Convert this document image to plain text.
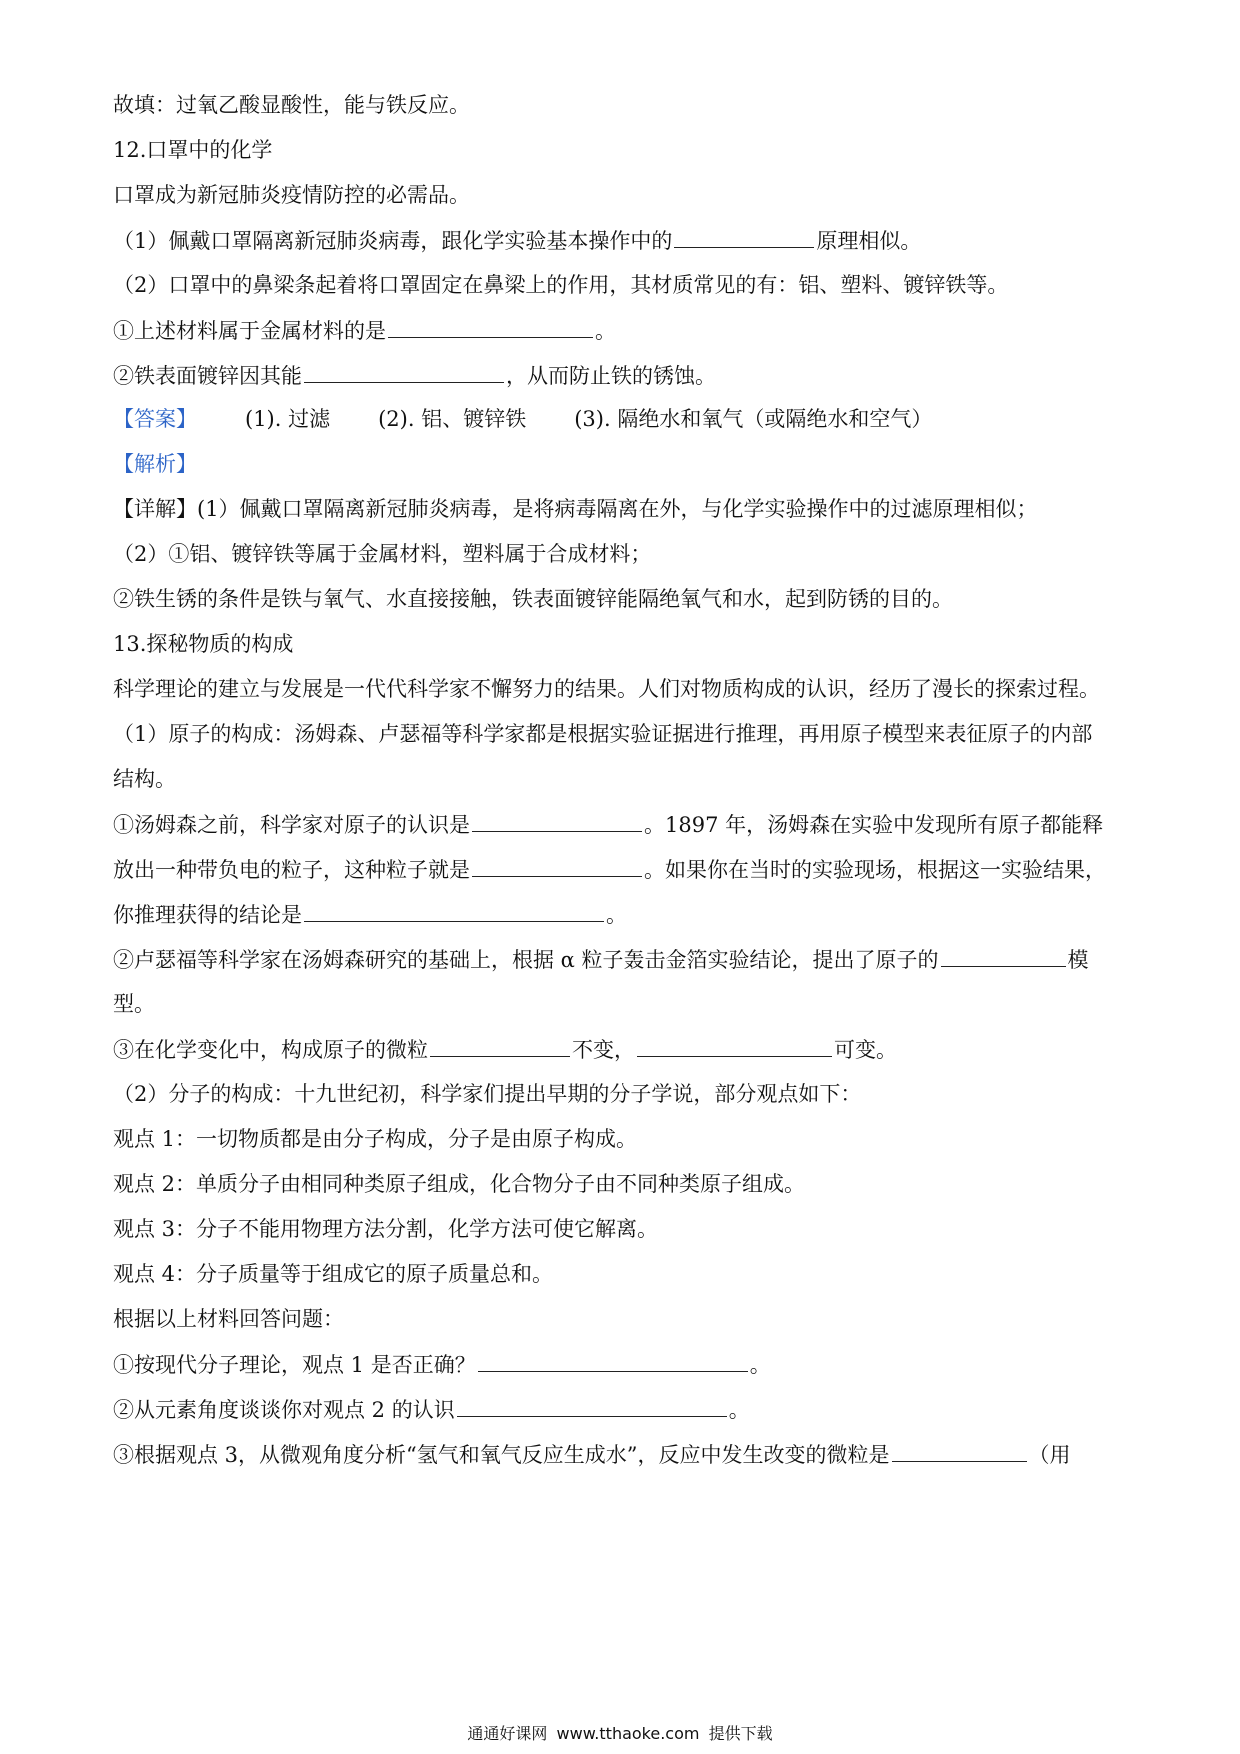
故填：过氧乙酸显酸性，能与铁反应。
12.口罩中的化学
口罩成为新冠肺炎疫情防控的必需品。
（1）佩戴口罩隔离新冠肺炎病毒，跟化学实验基本操作中的	原理相似。
（2）口罩中的鼻梁条起着将口罩固定在鼻梁上的作用，其材质常见的有：铝、塑料、镀锌铁等。
①上述材料属于金属材料的是	。
②铁表面镀锌因其能	，从而防止铁的锈蚀。
【答案】 (1). 过滤 (2). 铝、镀锌铁 (3). 隔绝水和氧气（或隔绝水和空气）
【解析】
【详解】(1）佩戴口罩隔离新冠肺炎病毒，是将病毒隔离在外，与化学实验操作中的过滤原理相似；
（2）①铝、镀锌铁等属于金属材料，塑料属于合成材料；
②铁生锈的条件是铁与氧气、水直接接触，铁表面镀锌能隔绝氧气和水，起到防锈的目的。
13.探秘物质的构成
科学理论的建立与发展是一代代科学家不懈努力的结果。人们对物质构成的认识，经历了漫长的探索过程。
（1）原子的构成：汤姆森、卢瑟福等科学家都是根据实验证据进行推理，再用原子模型来表征原子的内部
结构。
①汤姆森之前，科学家对原子的认识是	。1897 年，汤姆森在实验中发现所有原子都能释
放出一种带负电的粒子，这种粒子就是	。如果你在当时的实验现场，根据这一实验结果，
你推理获得的结论是	。
②卢瑟福等科学家在汤姆森研究的基础上，根据 α 粒子轰击金箔实验结论，提出了原子的	模
型。
③在化学变化中，构成原子的微粒	不变，	可变。
（2）分子的构成：十九世纪初，科学家们提出早期的分子学说，部分观点如下：
观点 1：一切物质都是由分子构成，分子是由原子构成。
观点 2：单质分子由相同种类原子组成，化合物分子由不同种类原子组成。
观点 3：分子不能用物理方法分割，化学方法可使它解离。
观点 4：分子质量等于组成它的原子质量总和。
根据以上材料回答问题：
①按现代分子理论，观点 1 是否正确？	。
②从元素角度谈谈你对观点 2 的认识	。
③根据观点 3，从微观角度分析“氢气和氧气反应生成水”，反应中发生改变的微粒是	（用
通通好课网 www.tthaoke.com 提供下载
